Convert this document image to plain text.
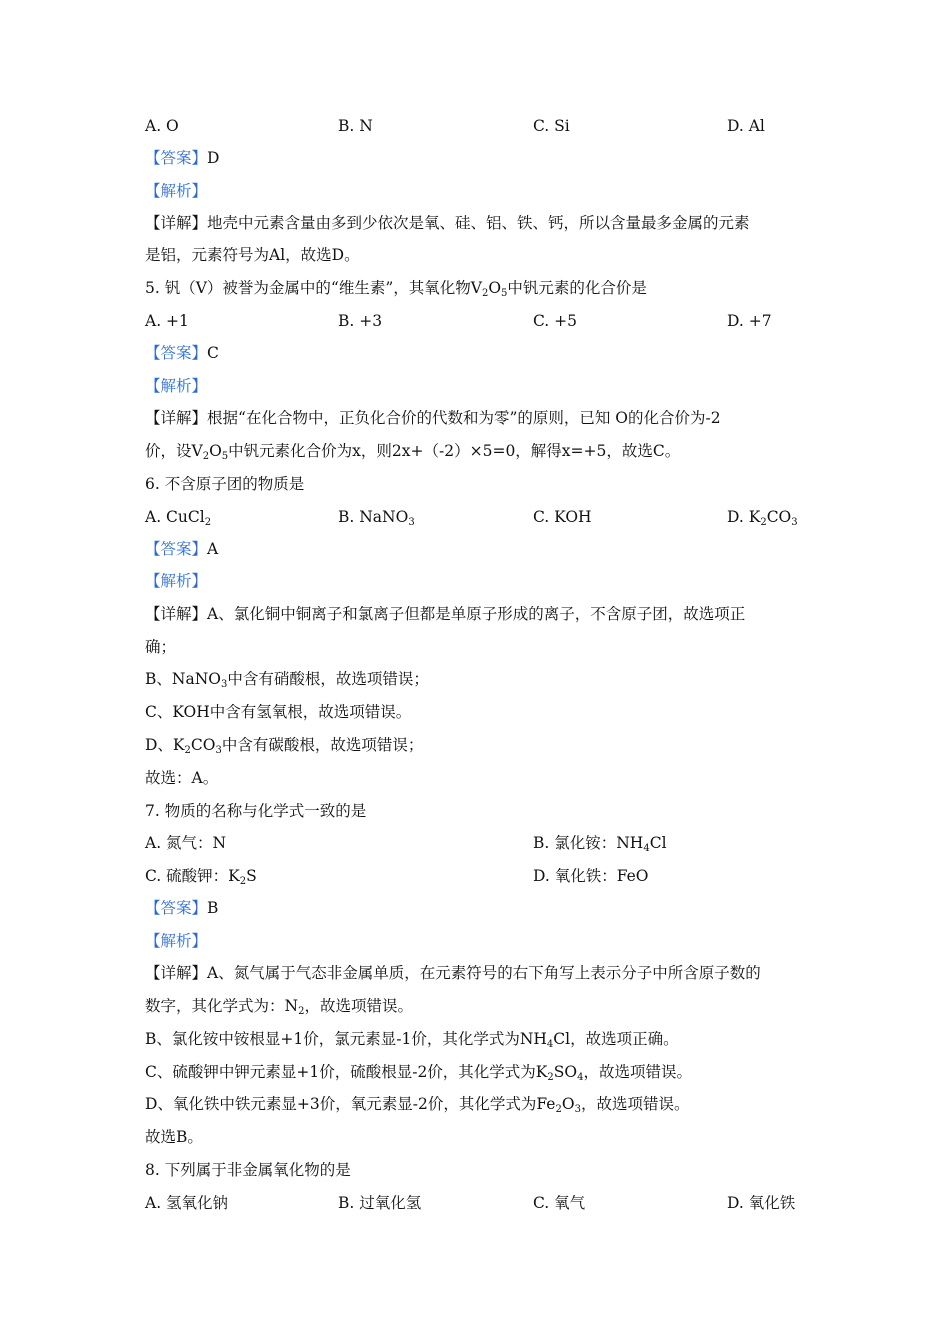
A. O	B. N	C. Si	D. Al
【答案】D
【解析】
【详解】地壳中元素含量由多到少依次是氧、硅、铝、铁、钙，所以含量最多金属的元素
是铝，元素符号为Al，故选D。
5. 钒（V）被誉为金属中的“维生素”，其氧化物$V_2O_5$中钒元素的化合价是
A. +1	B. +3	C. +5	D. +7
【答案】C
【解析】
【详解】根据“在化合物中，正负化合价的代数和为零”的原则，已知 O的化合价为-2
价，设$V_2O_5$中钒元素化合价为x，则2x+（-2）×5=0，解得x=+5，故选C。
6. 不含原子团的物质是
A. CuCl$_2$	B. NaNO$_3$	C. KOH	D. $K_2CO_3$
【答案】A
【解析】
【详解】A、氯化铜中铜离子和氯离子但都是单原子形成的离子，不含原子团，故选项正
确；
B、NaNO$_3$中含有硝酸根，故选项错误；
C、KOH中含有氢氧根，故选项错误。
D、$K_2CO_3$中含有碳酸根，故选项错误；
故选：A。
7. 物质的名称与化学式一致的是
A. 氮气：N	B. 氯化铵：$NH_4Cl$
C. 硫酸钾：$K_2S$	D. 氧化铁：FeO
【答案】B
【解析】
【详解】A、氮气属于气态非金属单质，在元素符号的右下角写上表示分子中所含原子数的
数字，其化学式为：$N_2$，故选项错误。
B、氯化铵中铵根显+1价，氯元素显-1价，其化学式为$NH_4Cl$，故选项正确。
C、硫酸钾中钾元素显+1价，硫酸根显-2价，其化学式为$K_2SO_4$，故选项错误。
D、氧化铁中铁元素显+3价，氧元素显-2价，其化学式为$Fe_2O_3$，故选项错误。
故选B。
8. 下列属于非金属氧化物的是
A. 氢氧化钠	B. 过氧化氢	C. 氧气	D. 氧化铁
